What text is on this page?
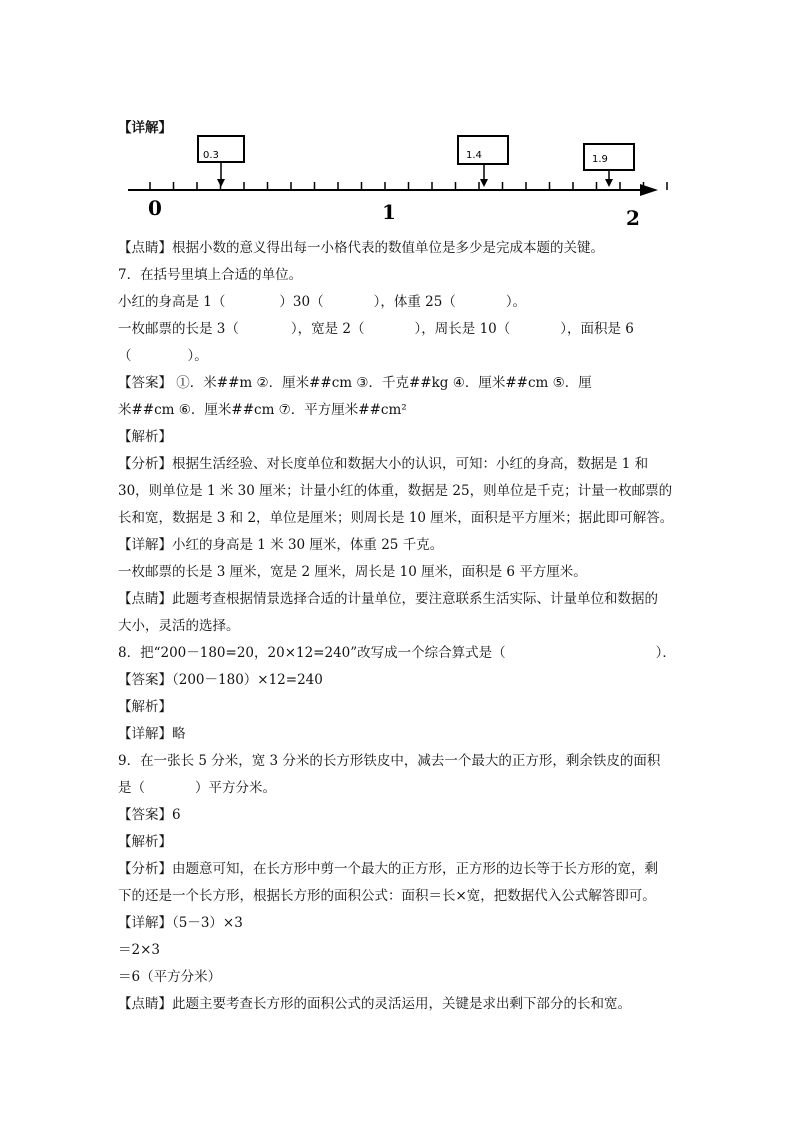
【详解】

0.3	1.4	1.9
0	1	2

【点睛】根据小数的意义得出每一小格代表的数值单位是多少是完成本题的关键。

7．在括号里填上合适的单位。

小红的身高是 1（	）30（	），体重 25（	）。

一枚邮票的长是 3（	），宽是 2（	），周长是 10（	），面积是 6

（	）。

【答案】 ①．米##m ②．厘米##cm ③．千克##kg ④．厘米##cm ⑤．厘

米##cm ⑥．厘米##cm ⑦．平方厘米##cm²

【解析】

【分析】根据生活经验、对长度单位和数据大小的认识，可知：小红的身高，数据是 1 和

30，则单位是 1 米 30 厘米；计量小红的体重，数据是 25，则单位是千克；计量一枚邮票的

长和宽，数据是 3 和 2，单位是厘米；则周长是 10 厘米，面积是平方厘米；据此即可解答。

【详解】小红的身高是 1 米 30 厘米，体重 25 千克。

一枚邮票的长是 3 厘米，宽是 2 厘米，周长是 10 厘米，面积是 6 平方厘米。

【点睛】此题考查根据情景选择合适的计量单位，要注意联系生活实际、计量单位和数据的

大小，灵活的选择。

8．把“200－180=20，20×12=240”改写成一个综合算式是（	）．

【答案】（200－180）×12=240

【解析】

【详解】略

9．在一张长 5 分米，宽 3 分米的长方形铁皮中，减去一个最大的正方形，剩余铁皮的面积

是（	）平方分米。

【答案】6

【解析】

【分析】由题意可知，在长方形中剪一个最大的正方形，正方形的边长等于长方形的宽，剩

下的还是一个长方形，根据长方形的面积公式：面积＝长×宽，把数据代入公式解答即可。

【详解】（5－3）×3

＝2×3

＝6（平方分米）

【点睛】此题主要考查长方形的面积公式的灵活运用，关键是求出剩下部分的长和宽。
